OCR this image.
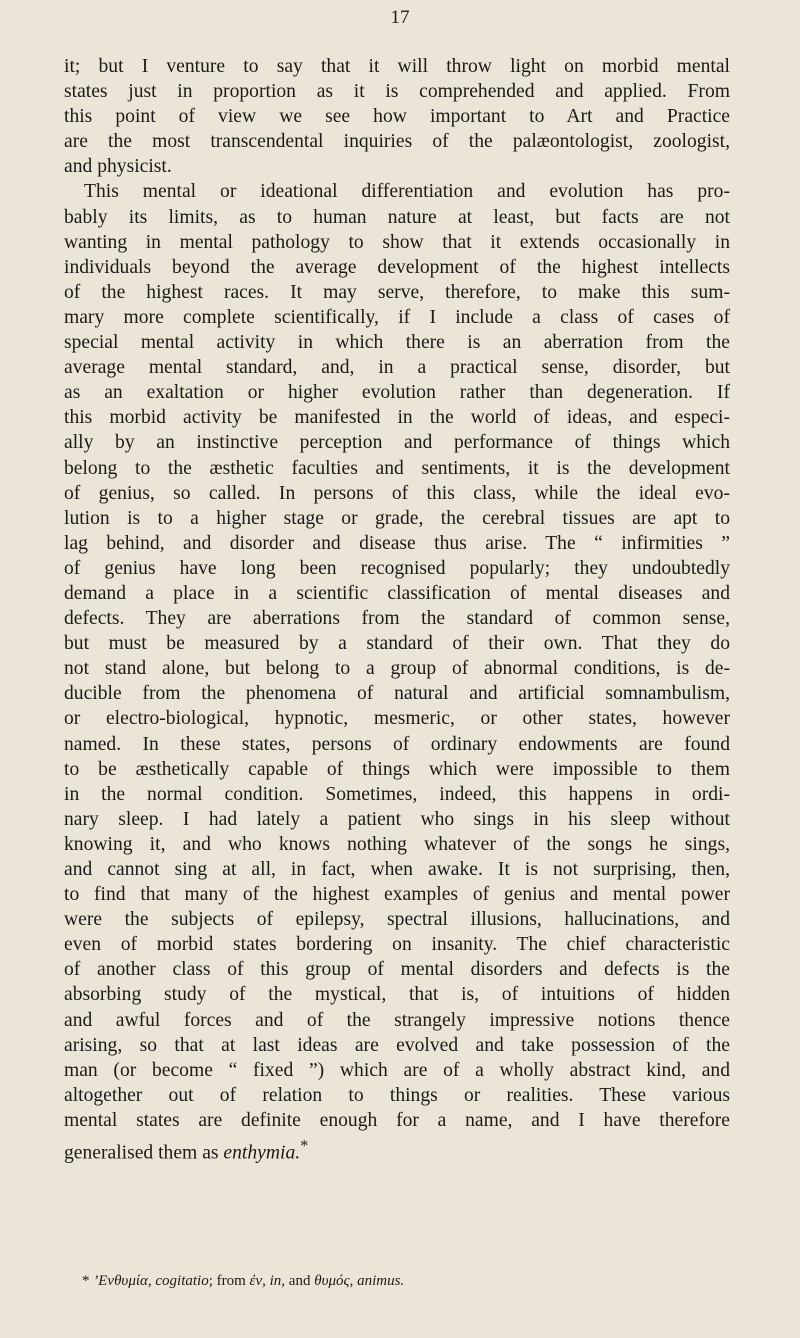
17
it; but I venture to say that it will throw light on morbid mental
states just in proportion as it is comprehended and applied. From
this point of view we see how important to Art and Practice
are the most transcendental inquiries of the palæontologist, zoologist,
and physicist.
This mental or ideational differentiation and evolution has pro-
bably its limits, as to human nature at least, but facts are not
wanting in mental pathology to show that it extends occasionally in
individuals beyond the average development of the highest intellects
of the highest races. It may serve, therefore, to make this sum-
mary more complete scientifically, if I include a class of cases of
special mental activity in which there is an aberration from the
average mental standard, and, in a practical sense, disorder, but
as an exaltation or higher evolution rather than degeneration. If
this morbid activity be manifested in the world of ideas, and especi-
ally by an instinctive perception and performance of things which
belong to the æsthetic faculties and sentiments, it is the development
of genius, so called. In persons of this class, while the ideal evo-
lution is to a higher stage or grade, the cerebral tissues are apt to
lag behind, and disorder and disease thus arise. The “ infirmities ”
of genius have long been recognised popularly; they undoubtedly
demand a place in a scientific classification of mental diseases and
defects. They are aberrations from the standard of common sense,
but must be measured by a standard of their own. That they do
not stand alone, but belong to a group of abnormal conditions, is de-
ducible from the phenomena of natural and artificial somnambulism,
or electro-biological, hypnotic, mesmeric, or other states, however
named. In these states, persons of ordinary endowments are found
to be æsthetically capable of things which were impossible to them
in the normal condition. Sometimes, indeed, this happens in ordi-
nary sleep. I had lately a patient who sings in his sleep without
knowing it, and who knows nothing whatever of the songs he sings,
and cannot sing at all, in fact, when awake. It is not surprising, then,
to find that many of the highest examples of genius and mental power
were the subjects of epilepsy, spectral illusions, hallucinations, and
even of morbid states bordering on insanity. The chief characteristic
of another class of this group of mental disorders and defects is the
absorbing study of the mystical, that is, of intuitions of hidden
and awful forces and of the strangely impressive notions thence
arising, so that at last ideas are evolved and take possession of the
man (or become “ fixed ”) which are of a wholly abstract kind, and
altogether out of relation to things or realities. These various
mental states are definite enough for a name, and I have therefore
generalised them as enthymia.*
* ’Ενθυμία, cogitatio; from ἐν, in, and θυμός, animus.
